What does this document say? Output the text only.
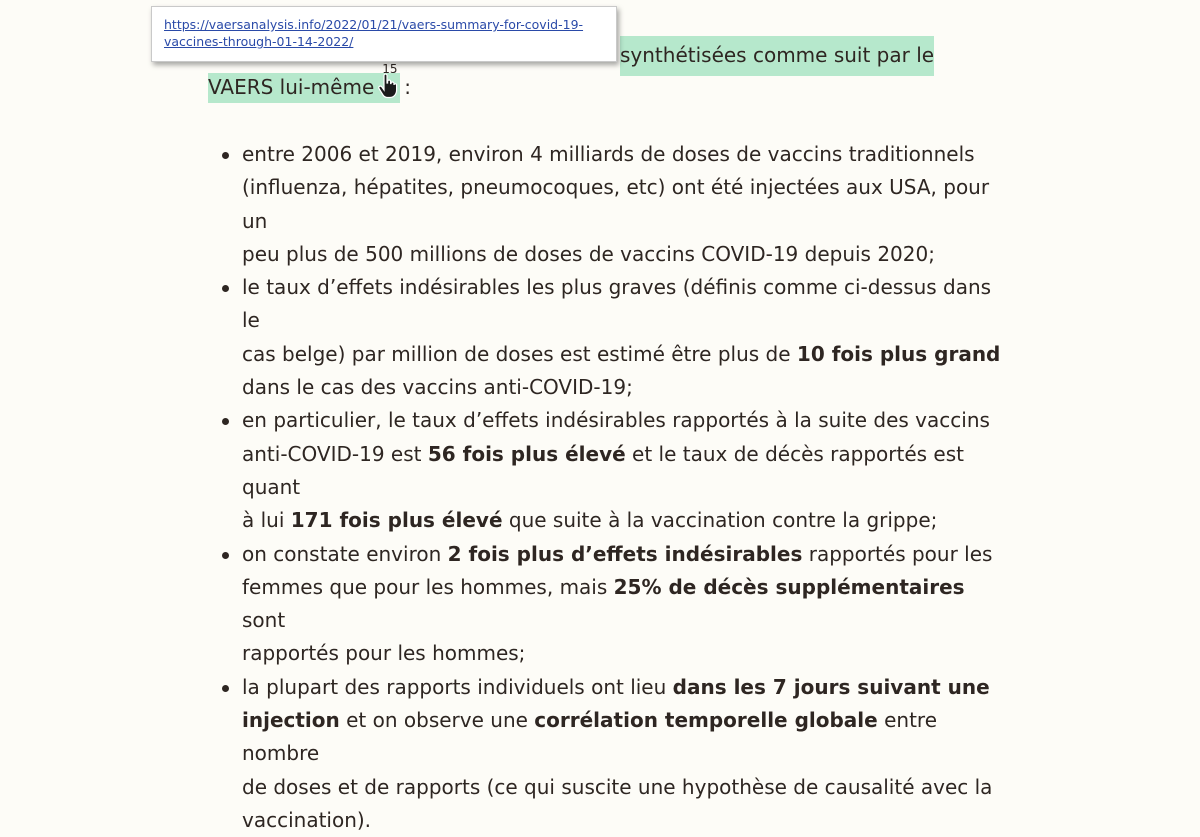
synthétisées comme suit par le
VAERS lui-même
15
:
https://vaersanalysis.info/2022/01/21/vaers-summary-for-covid-19-
vaccines-through-01-14-2022/
entre 2006 et 2019, environ 4 milliards de doses de vaccins traditionnels
(influenza, hépatites, pneumocoques, etc) ont été injectées aux USA, pour un
peu plus de 500 millions de doses de vaccins COVID-19 depuis 2020;
le taux d’effets indésirables les plus graves (définis comme ci-dessus dans le
cas belge) par million de doses est estimé être plus de 10 fois plus grand
dans le cas des vaccins anti-COVID-19;
en particulier, le taux d’effets indésirables rapportés à la suite des vaccins
anti-COVID-19 est 56 fois plus élevé et le taux de décès rapportés est quant
à lui 171 fois plus élevé que suite à la vaccination contre la grippe;
on constate environ 2 fois plus d’effets indésirables rapportés pour les
femmes que pour les hommes, mais 25% de décès supplémentaires sont
rapportés pour les hommes;
la plupart des rapports individuels ont lieu dans les 7 jours suivant une
injection et on observe une corrélation temporelle globale entre nombre
de doses et de rapports (ce qui suscite une hypothèse de causalité avec la
vaccination).
